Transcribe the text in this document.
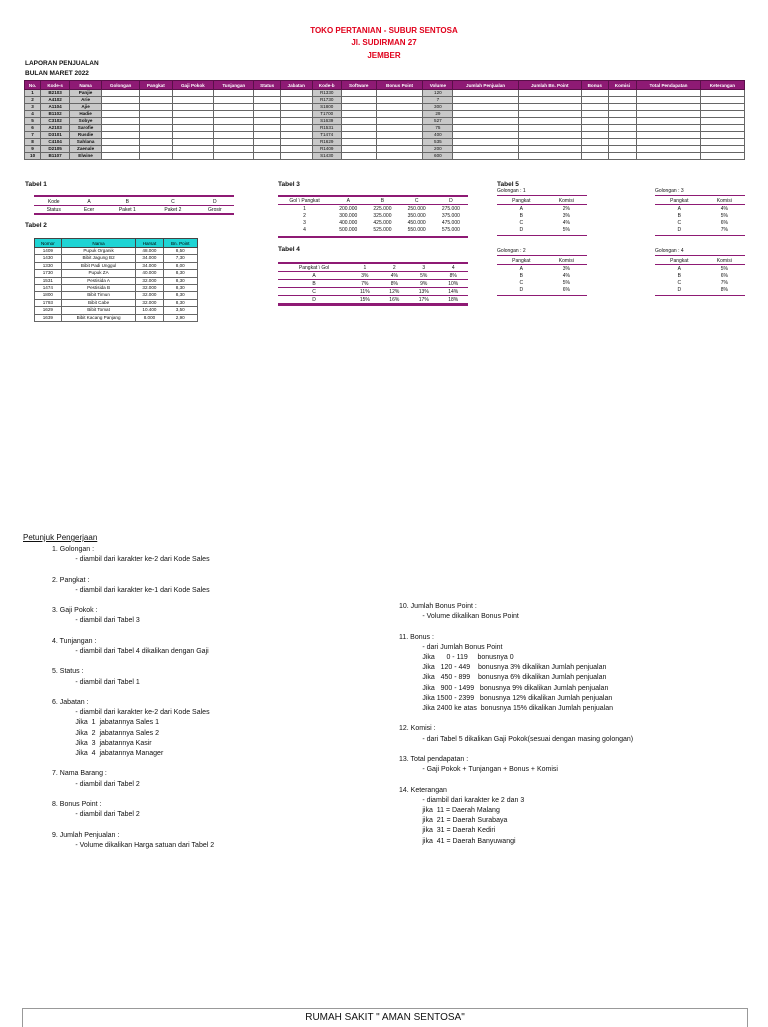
TOKO PERTANIAN - SUBUR SENTOSA
Jl. SUDIRMAN 27
JEMBER
LAPORAN PENJUALAN
BULAN MARET 2022
No.	Kode-s	Nama	Golongan	Pangkat	Gaji Pokok	Tunjangan	Status	Jabatan	Kode-b	Software	Bonus Point	Volume	Jumlah Penjualan	Jumlah Bn. Point	Bonus	Komisi	Total Pendapatan	Keterangan
1	B2103	Panjie							R1330			120						
2	A4102	Arie							R1730			7						
3	A1104	Ajie							S1800			300						
4	B1102	Hadie							T1700			29						
5	C3102	Sobye							S1639			527						
6	A2103	Sarofie							R1531			75						
7	D3101	Rusdie							T1474			400						
8	C4104	Sahlana							R1629			535						
9	D2105	Zaenale							R1409			200						
10	B1107	Elwine							S1430			600						
Tabel 1
Kode	A	B	C	D
Status	Ecer	Paket 1	Paket 2	Grosir
Tabel 2
Nomor	Nama	Harsat	Bn. Point
1409	Pupuk Organik	48.000	8,50
1430	Bibit Jagung B2	34.000	7,30
1330	Bibit Padi Unggul	34.000	8,00
1730	Pupuk ZA	40.000	8,30
1531	Pestisida A	32.000	8,30
1474	Pestisida B	32.000	8,30
1800	Bibit Timun	32.000	8,30
1793	Bibit Cabe	32.000	8,30
1629	Bibit Tomat	10.400	3,50
1639	Bibit Kacang Panjang	8.000	2,90
Tabel 3
Gol \ Pangkat	A	B	C	D
1	200.000	225.000	250.000	275.000
2	300.000	325.000	350.000	375.000
3	400.000	425.000	450.000	475.000
4	500.000	525.000	550.000	575.000
Tabel 4
Pangkat \ Gol	1	2	3	4
A	3%	4%	5%	8%
B	7%	8%	9%	10%
C	11%	12%	13%	14%
D	15%	16%	17%	18%
Tabel 5
Golongan : 1
Pangkat	Komisi
A	2%
B	3%
C	4%
D	5%
Golongan : 3
Pangkat	Komisi
A	4%
B	5%
C	6%
D	7%
Golongan : 2
Pangkat	Komisi
A	3%
B	4%
C	5%
D	6%
Golongan : 4
Pangkat	Komisi
A	5%
B	6%
C	7%
D	8%
Petunjuk Pengerjaan
1. Golongan :
- diambil dari karakter ke-2 dari Kode Sales

2. Pangkat :
- diambil dari karakter ke-1 dari Kode Sales

3. Gaji Pokok :
- diambil dari Tabel 3

4. Tunjangan :
- diambil dari Tabel 4 dikalikan dengan Gaji

5. Status :
- diambil dari Tabel 1

6. Jabatan :
- diambil dari karakter ke-2 dari Kode Sales
Jika  1  jabatannya Sales 1
Jika  2  jabatannya Sales 2
Jika  3  jabatannya Kasir
Jika  4  jabatannya Manager

7. Nama Barang :
- diambil dari Tabel 2

8. Bonus Point :
- diambil dari Tabel 2

9. Jumlah Penjualan :
- Volume dikalikan Harga satuan dari Tabel 2
10. Jumlah Bonus Point :
- Volume dikalikan Bonus Point

11. Bonus :
- dari Jumlah Bonus Point
Jika      0 - 119     bonusnya 0
Jika   120 - 449    bonusnya 3% dikalikan Jumlah penjualan
Jika   450 - 899    bonusnya 6% dikalikan Jumlah penjualan
Jika   900 - 1499   bonusnya 9% dikalikan Jumlah penjualan
Jika 1500 - 2399   bonusnya 12% dikalikan Jumlah penjualan
Jika 2400 ke atas  bonusnya 15% dikalikan Jumlah penjualan

12. Komisi :
- dari Tabel 5 dikalikan Gaji Pokok(sesuai dengan masing golongan)

13. Total pendapatan :
- Gaji Pokok + Tunjangan + Bonus + Komisi

14. Keterangan
- diambil dari karakter ke 2 dan 3
jika  11 = Daerah Malang
jika  21 = Daerah Surabaya
jika  31 = Daerah Kediri
jika  41 = Daerah Banyuwangi
RUMAH SAKIT " AMAN SENTOSA"
